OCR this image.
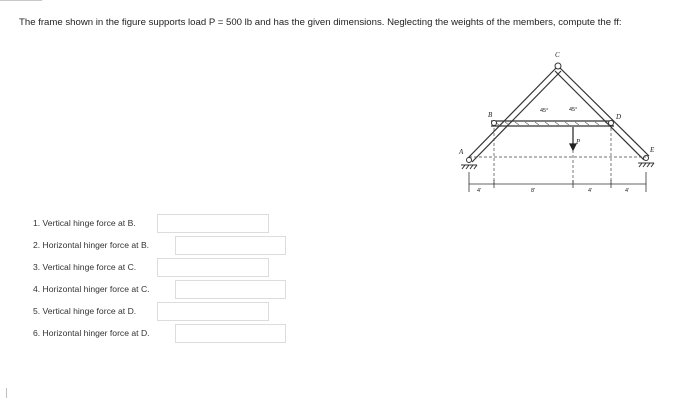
The frame shown in the figure supports load P = 500 lb and has the given dimensions. Neglecting the weights of the members, compute the ff:
A
B
C
D
E
P
45°	45°
4'	8'	4'	4'
1. Vertical hinge force at B.
2. Horizontal hinger force at B.
3. Vertical hinge force at C.
4. Horizontal hinger force at C.
5. Vertical hinge force at D.
6. Horizontal hinger force at D.
